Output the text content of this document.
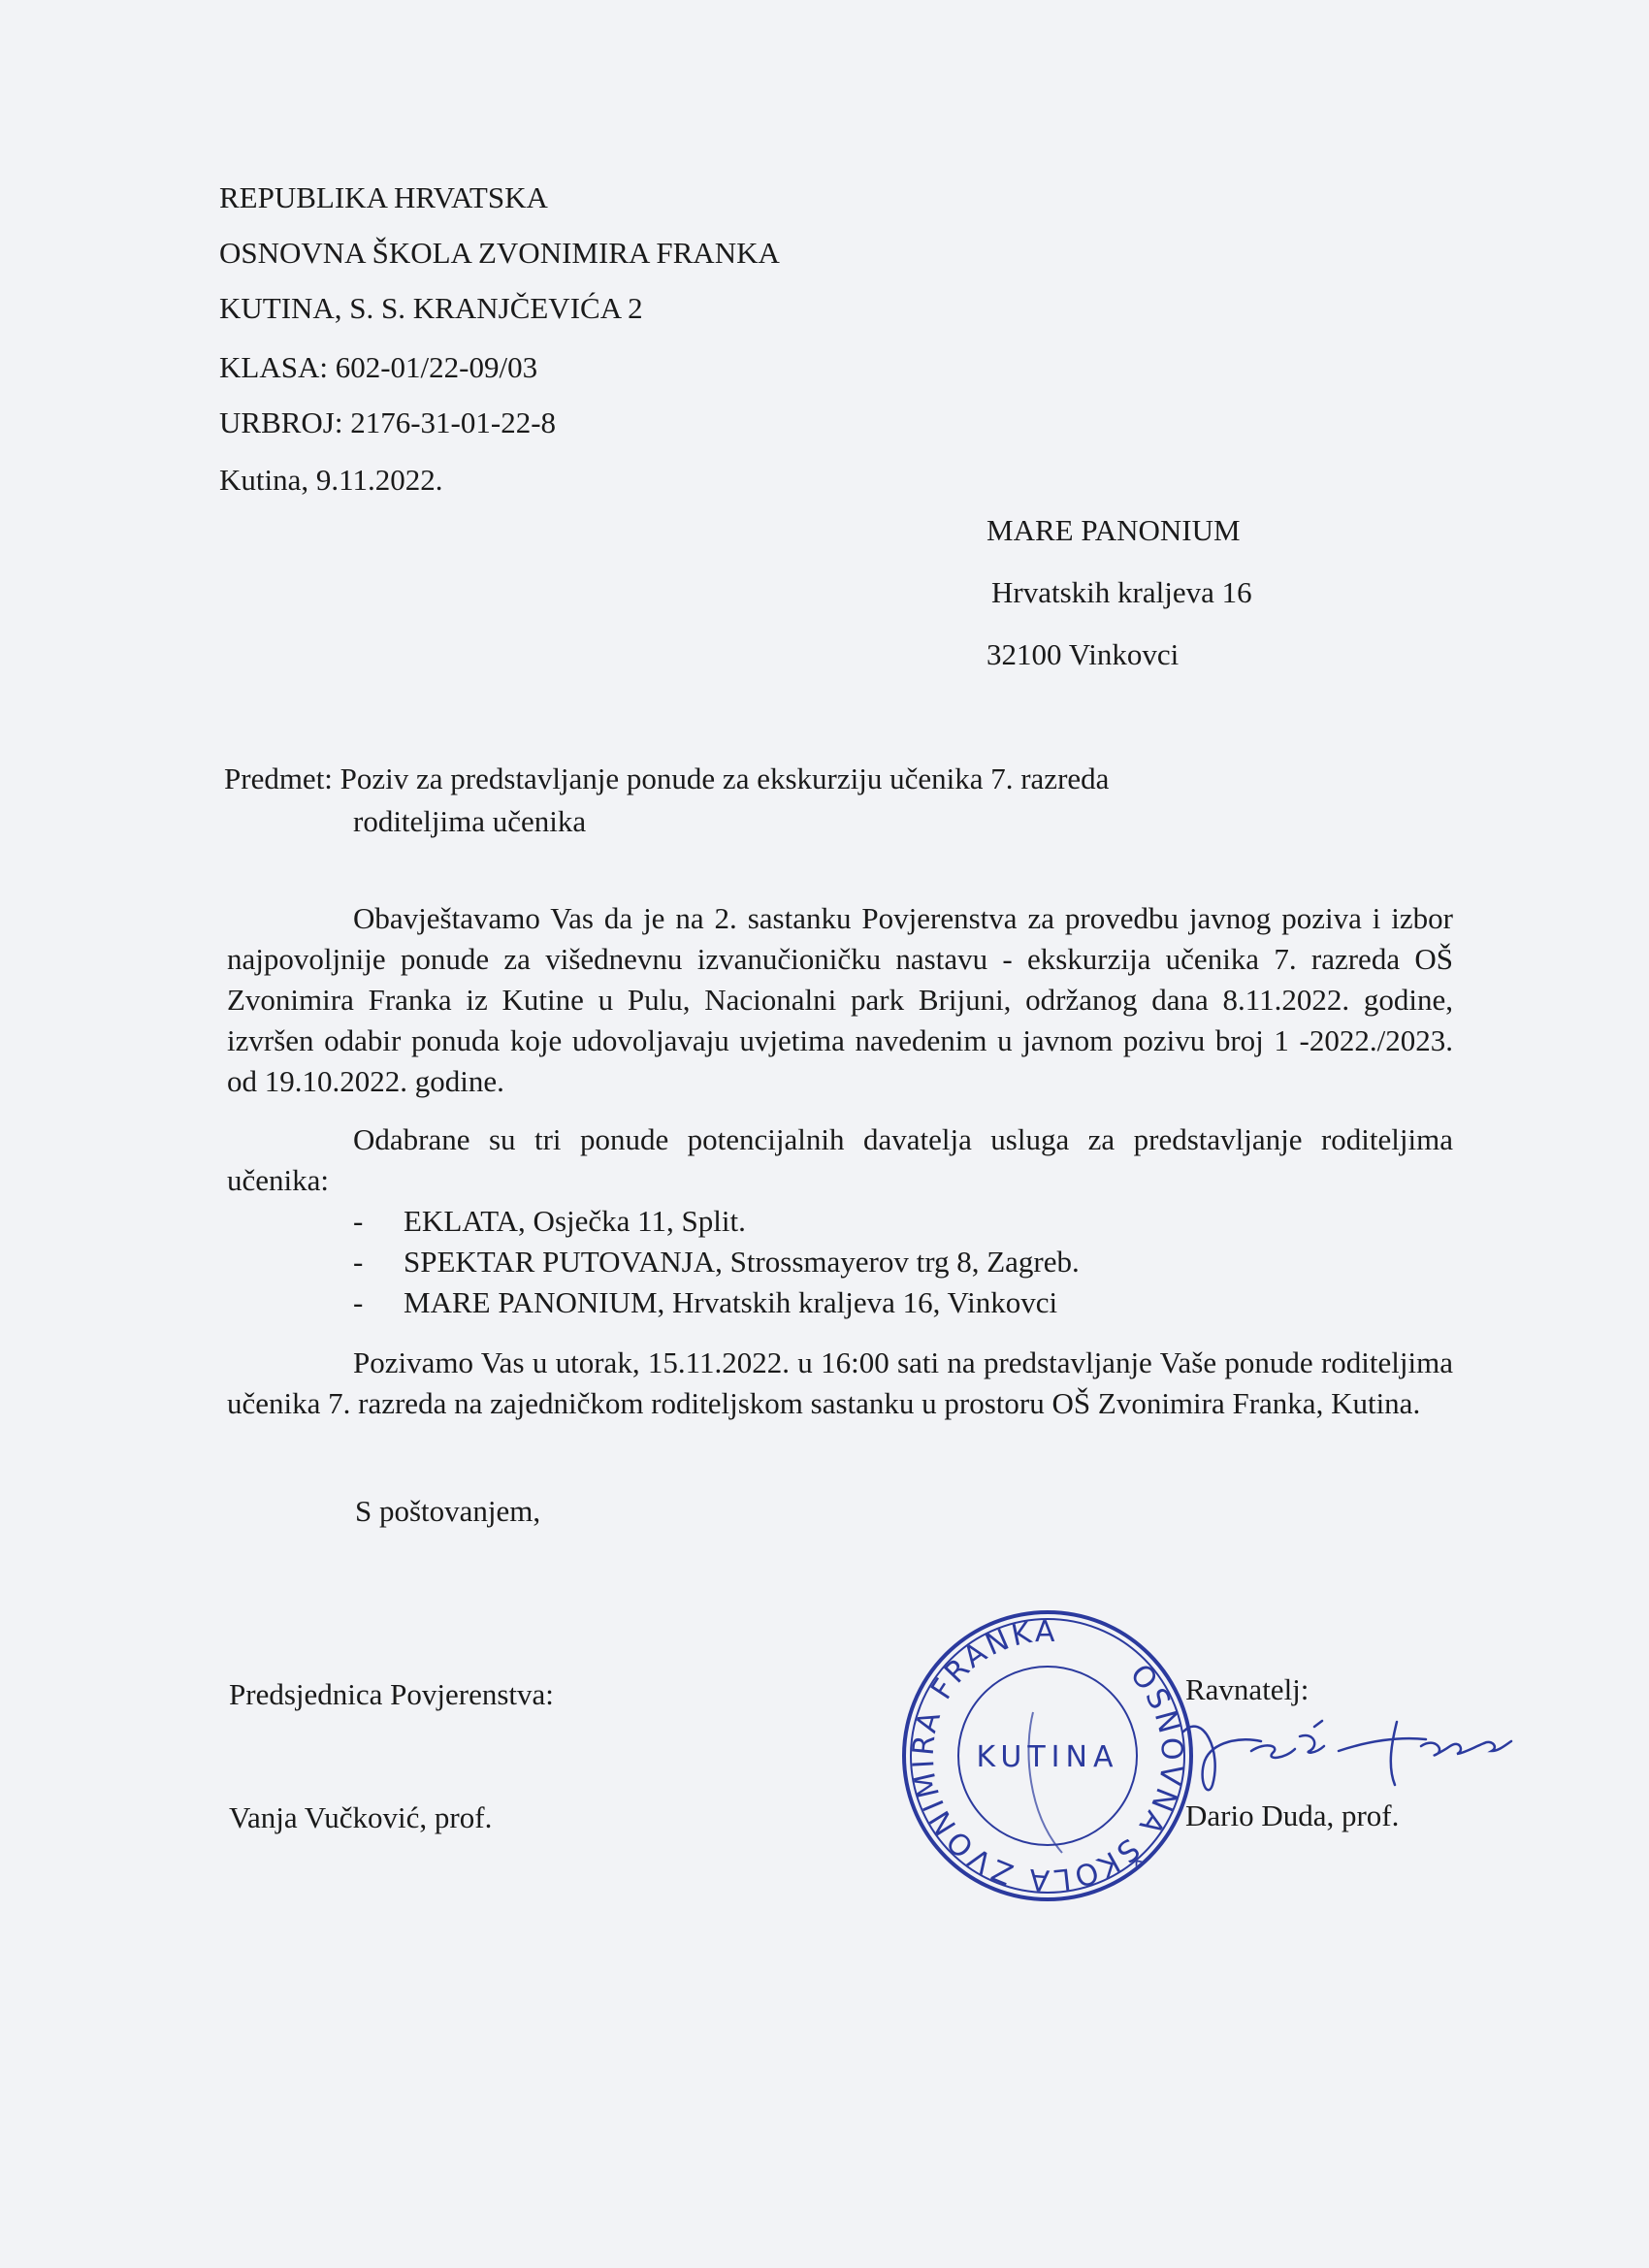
REPUBLIKA HRVATSKA
OSNOVNA ŠKOLA ZVONIMIRA FRANKA
KUTINA, S. S. KRANJČEVIĆA 2
KLASA: 602-01/22-09/03
URBROJ: 2176-31-01-22-8
Kutina, 9.11.2022.
MARE PANONIUM
Hrvatskih kraljeva 16
32100 Vinkovci
Predmet: Poziv za predstavljanje ponude za ekskurziju učenika 7. razreda
roditeljima učenika
Obavještavamo Vas da je na 2. sastanku Povjerenstva za provedbu javnog poziva i izbor najpovoljnije ponude za višednevnu izvanučioničku nastavu - ekskurzija učenika 7. razreda OŠ Zvonimira Franka iz Kutine u Pulu, Nacionalni park Brijuni, održanog dana 8.11.2022. godine, izvršen odabir ponuda koje udovoljavaju uvjetima navedenim u javnom pozivu broj 1 -2022./2023. od 19.10.2022. godine.
Odabrane su tri ponude potencijalnih davatelja usluga za predstavljanje roditeljima učenika:
- EKLATA, Osječka 11, Split.
- SPEKTAR PUTOVANJA, Strossmayerov trg 8, Zagreb.
- MARE PANONIUM, Hrvatskih kraljeva 16, Vinkovci
Pozivamo Vas u utorak, 15.11.2022. u 16:00 sati na predstavljanje Vaše ponude roditeljima učenika 7. razreda na zajedničkom roditeljskom sastanku u prostoru OŠ Zvonimira Franka, Kutina.
S poštovanjem,
Predsjednica Povjerenstva:
Vanja Vučković, prof.
Ravnatelj:
Dario Duda, prof.
OSNOVNA ŠKOLA ZVONIMIRA FRANKA
KUTINA
